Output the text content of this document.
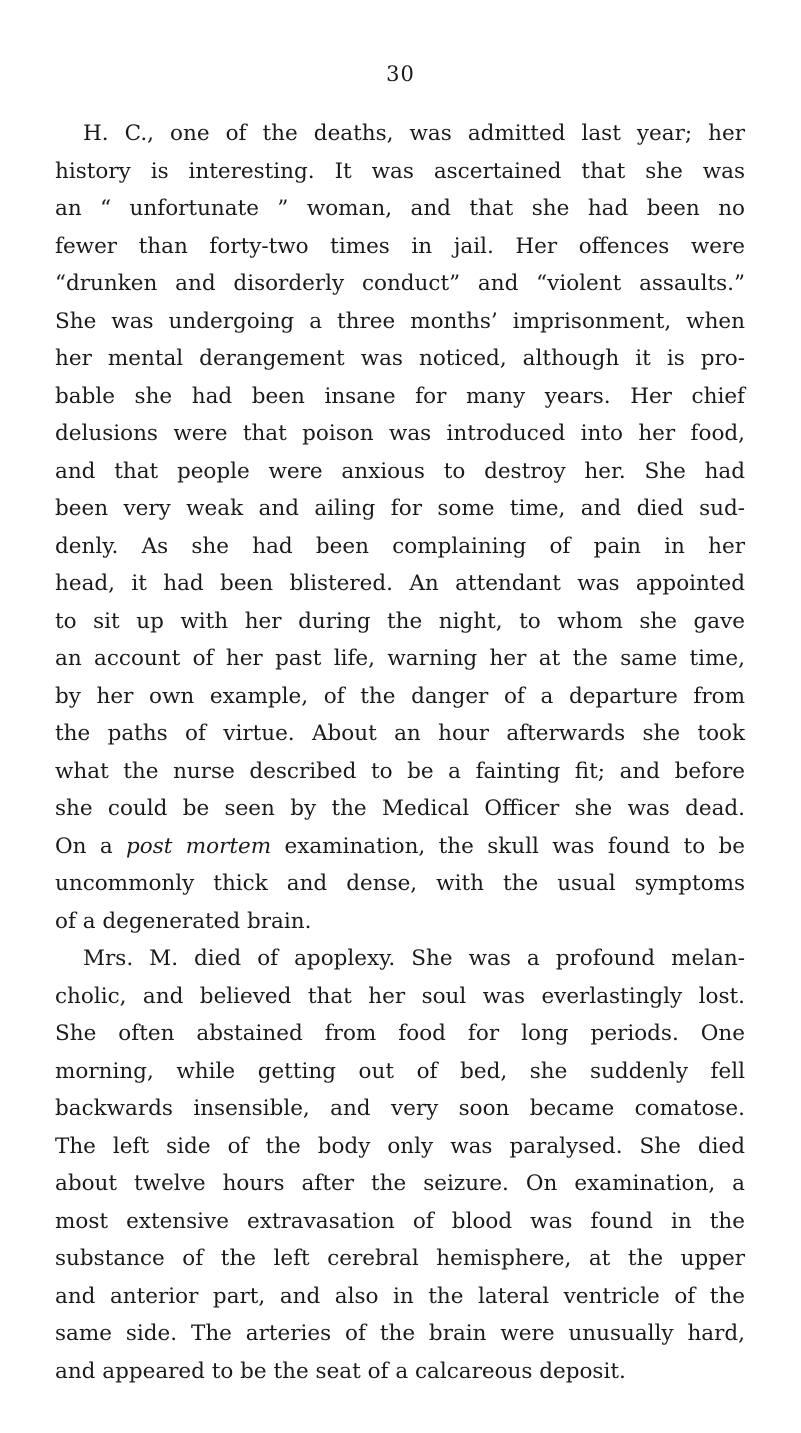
30
H. C., one of the deaths, was admitted last year; her
history is interesting. It was ascertained that she was
an “ unfortunate ” woman, and that she had been no
fewer than forty-two times in jail. Her offences were
“drunken and disorderly conduct” and “violent assaults.”
She was undergoing a three months’ imprisonment, when
her mental derangement was noticed, although it is pro-
bable she had been insane for many years. Her chief
delusions were that poison was introduced into her food,
and that people were anxious to destroy her. She had
been very weak and ailing for some time, and died sud-
denly. As she had been complaining of pain in her
head, it had been blistered. An attendant was appointed
to sit up with her during the night, to whom she gave
an account of her past life, warning her at the same time,
by her own example, of the danger of a departure from
the paths of virtue. About an hour afterwards she took
what the nurse described to be a fainting fit; and before
she could be seen by the Medical Officer she was dead.
On a post mortem examination, the skull was found to be
uncommonly thick and dense, with the usual symptoms
of a degenerated brain.
Mrs. M. died of apoplexy. She was a profound melan-
cholic, and believed that her soul was everlastingly lost.
She often abstained from food for long periods. One
morning, while getting out of bed, she suddenly fell
backwards insensible, and very soon became comatose.
The left side of the body only was paralysed. She died
about twelve hours after the seizure. On examination, a
most extensive extravasation of blood was found in the
substance of the left cerebral hemisphere, at the upper
and anterior part, and also in the lateral ventricle of the
same side. The arteries of the brain were unusually hard,
and appeared to be the seat of a calcareous deposit.
